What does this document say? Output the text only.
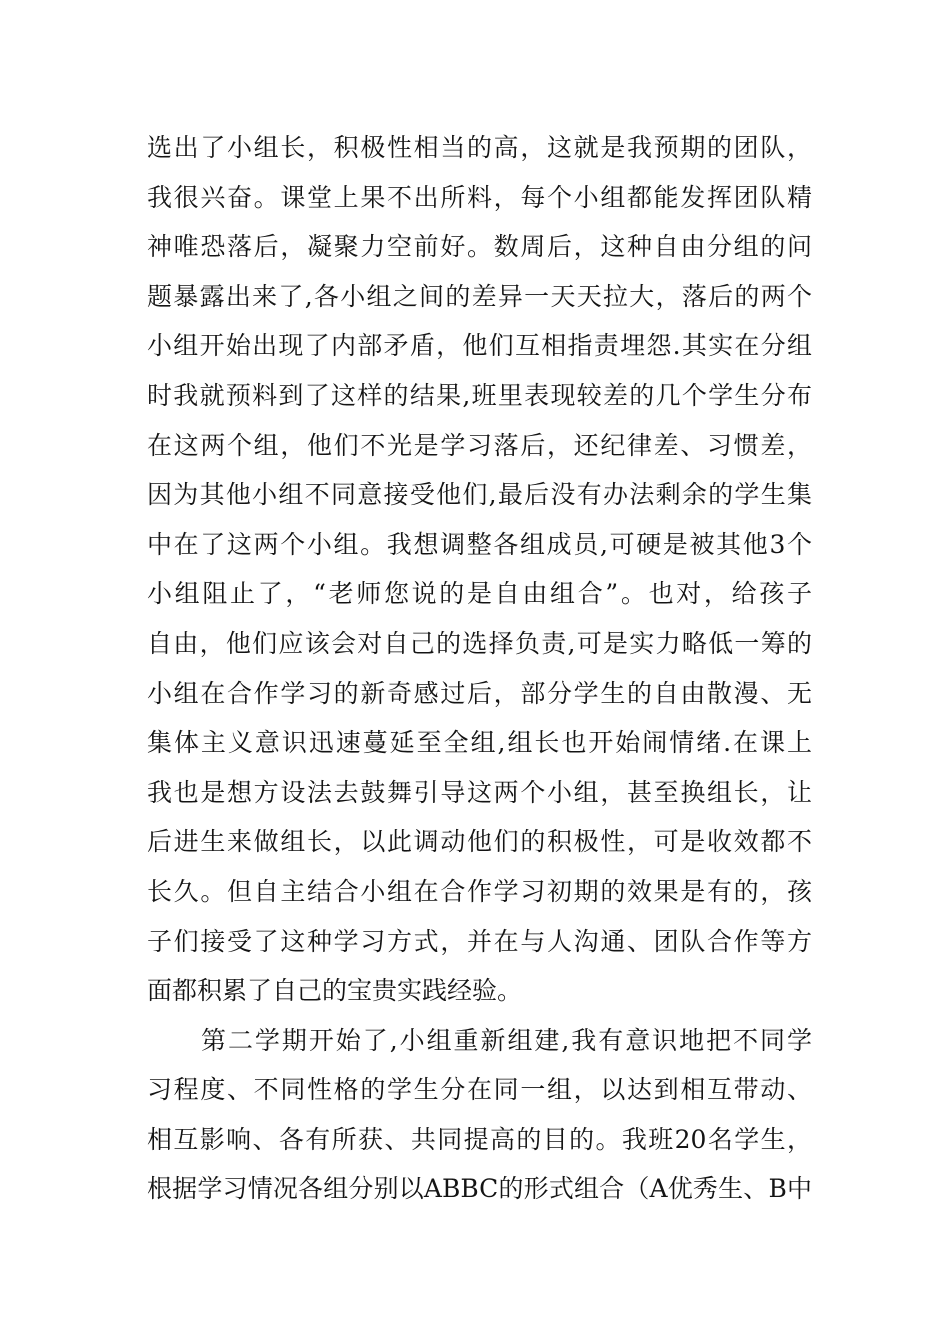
选出了小组长，积极性相当的高，这就是我预期的团队，
我很兴奋。课堂上果不出所料，每个小组都能发挥团队精
神唯恐落后，凝聚力空前好。数周后，这种自由分组的问
题暴露出来了,各小组之间的差异一天天拉大，落后的两个
小组开始出现了内部矛盾，他们互相指责埋怨.其实在分组
时我就预料到了这样的结果,班里表现较差的几个学生分布
在这两个组，他们不光是学习落后，还纪律差、习惯差，
因为其他小组不同意接受他们,最后没有办法剩余的学生集
中在了这两个小组。我想调整各组成员,可硬是被其他3个
小组阻止了，“老师您说的是自由组合”。也对，给孩子
自由，他们应该会对自己的选择负责,可是实力略低一筹的
小组在合作学习的新奇感过后，部分学生的自由散漫、无
集体主义意识迅速蔓延至全组,组长也开始闹情绪.在课上
我也是想方设法去鼓舞引导这两个小组，甚至换组长，让
后进生来做组长，以此调动他们的积极性，可是收效都不
长久。但自主结合小组在合作学习初期的效果是有的，孩
子们接受了这种学习方式，并在与人沟通、团队合作等方
面都积累了自己的宝贵实践经验。
第二学期开始了,小组重新组建,我有意识地把不同学
习程度、不同性格的学生分在同一组，以达到相互带动、
相互影响、各有所获、共同提高的目的。我班20名学生，
根据学习情况各组分别以ABBC的形式组合（A优秀生、B中
